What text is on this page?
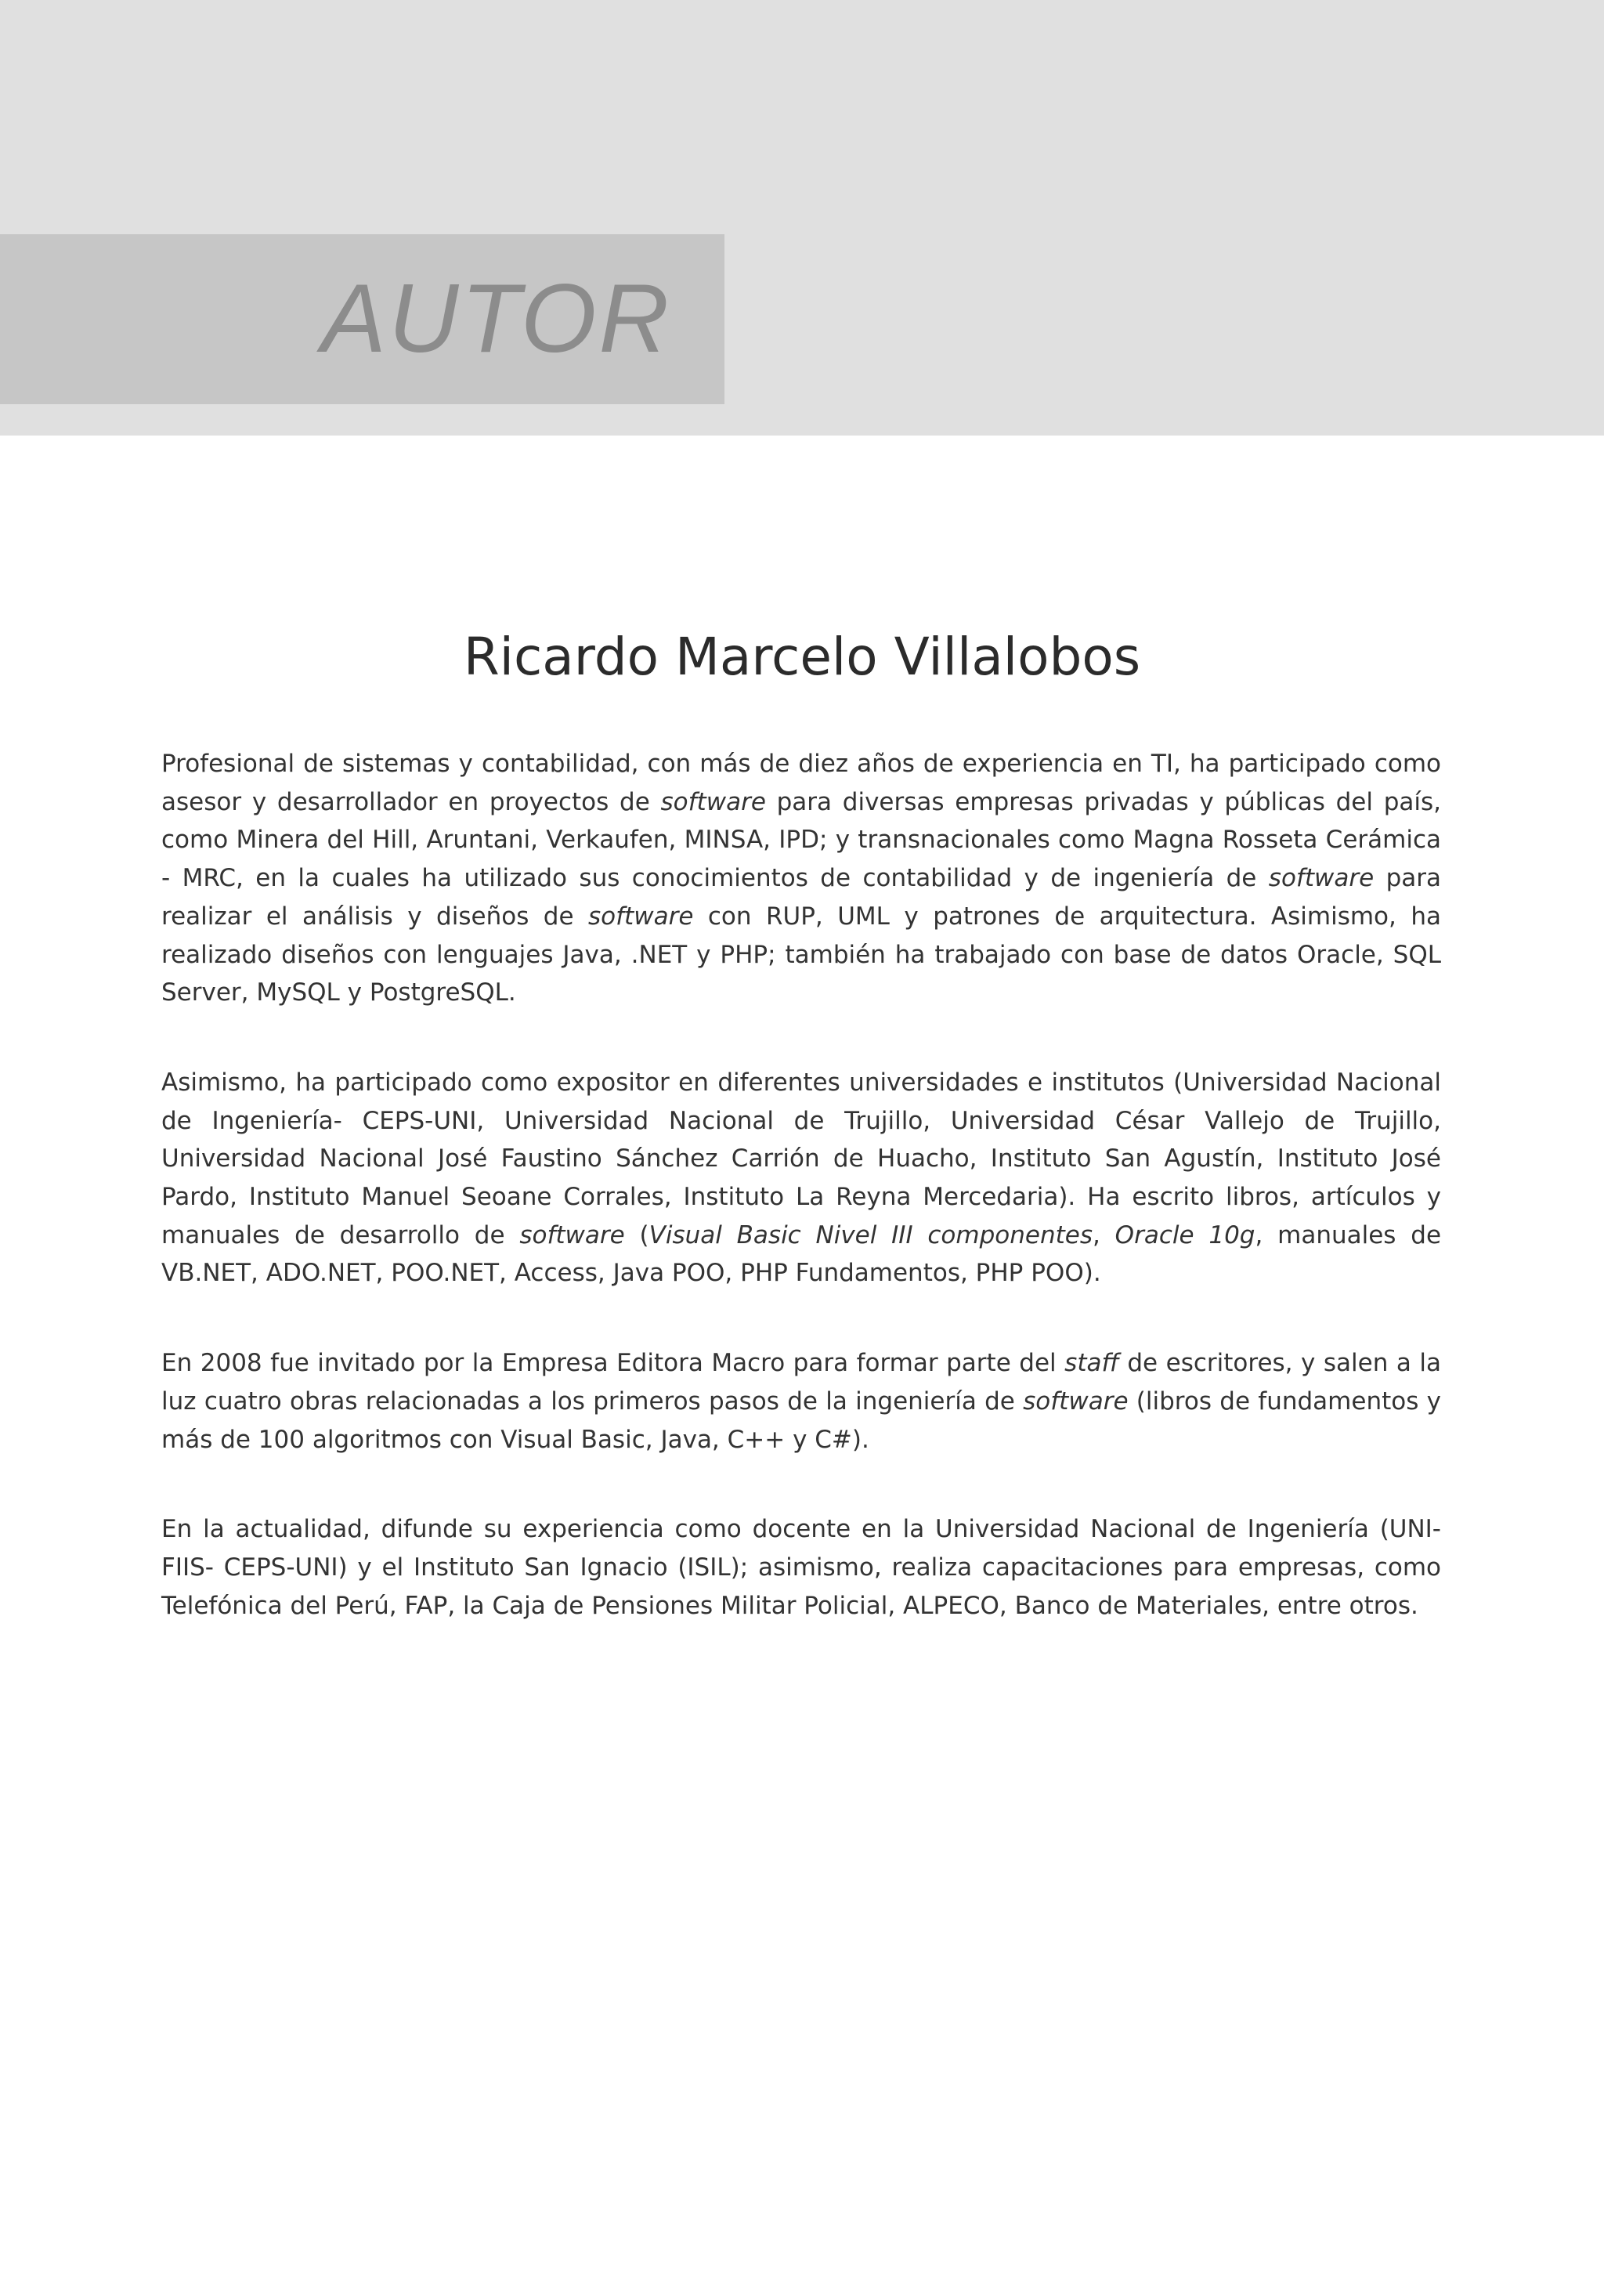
AUTOR
Ricardo Marcelo Villalobos

Profesional de sistemas y contabilidad, con más de diez años de experiencia en TI, ha participado como asesor y desarrollador en proyectos de software para diversas empresas privadas y públicas del país, como Minera del Hill, Aruntani, Verkaufen, MINSA, IPD; y transnacionales como Magna Rosseta Cerámica - MRC, en la cuales ha utilizado sus conocimientos de contabilidad y de ingeniería de software para realizar el análisis y diseños de software con RUP, UML y patrones de arquitectura. Asimismo, ha realizado diseños con lenguajes Java, .NET y PHP; también ha trabajado con base de datos Oracle, SQL Server, MySQL y PostgreSQL.

Asimismo, ha participado como expositor en diferentes universidades e institutos (Universidad Nacional de Ingeniería- CEPS-UNI, Universidad Nacional de Trujillo, Universidad César Vallejo de Trujillo, Universidad Nacional José Faustino Sánchez Carrión de Huacho, Instituto San Agustín, Instituto José Pardo, Instituto Manuel Seoane Corrales, Instituto La Reyna Mercedaria). Ha escrito libros, artículos y manuales de desarrollo de software (Visual Basic Nivel III componentes, Oracle 10g, manuales de VB.NET, ADO.NET, POO.NET, Access, Java POO, PHP Fundamentos, PHP POO).

En 2008 fue invitado por la Empresa Editora Macro para formar parte del staff de escritores, y salen a la luz cuatro obras relacionadas a los primeros pasos de la ingeniería de software (libros de fundamentos y más de 100 algoritmos con Visual Basic, Java, C++ y C#).

En la actualidad, difunde su experiencia como docente en la Universidad Nacional de Ingeniería (UNI-FIIS- CEPS-UNI) y el Instituto San Ignacio (ISIL); asimismo, realiza capacitaciones para empresas, como Telefónica del Perú, FAP, la Caja de Pensiones Militar Policial, ALPECO, Banco de Materiales, entre otros.
